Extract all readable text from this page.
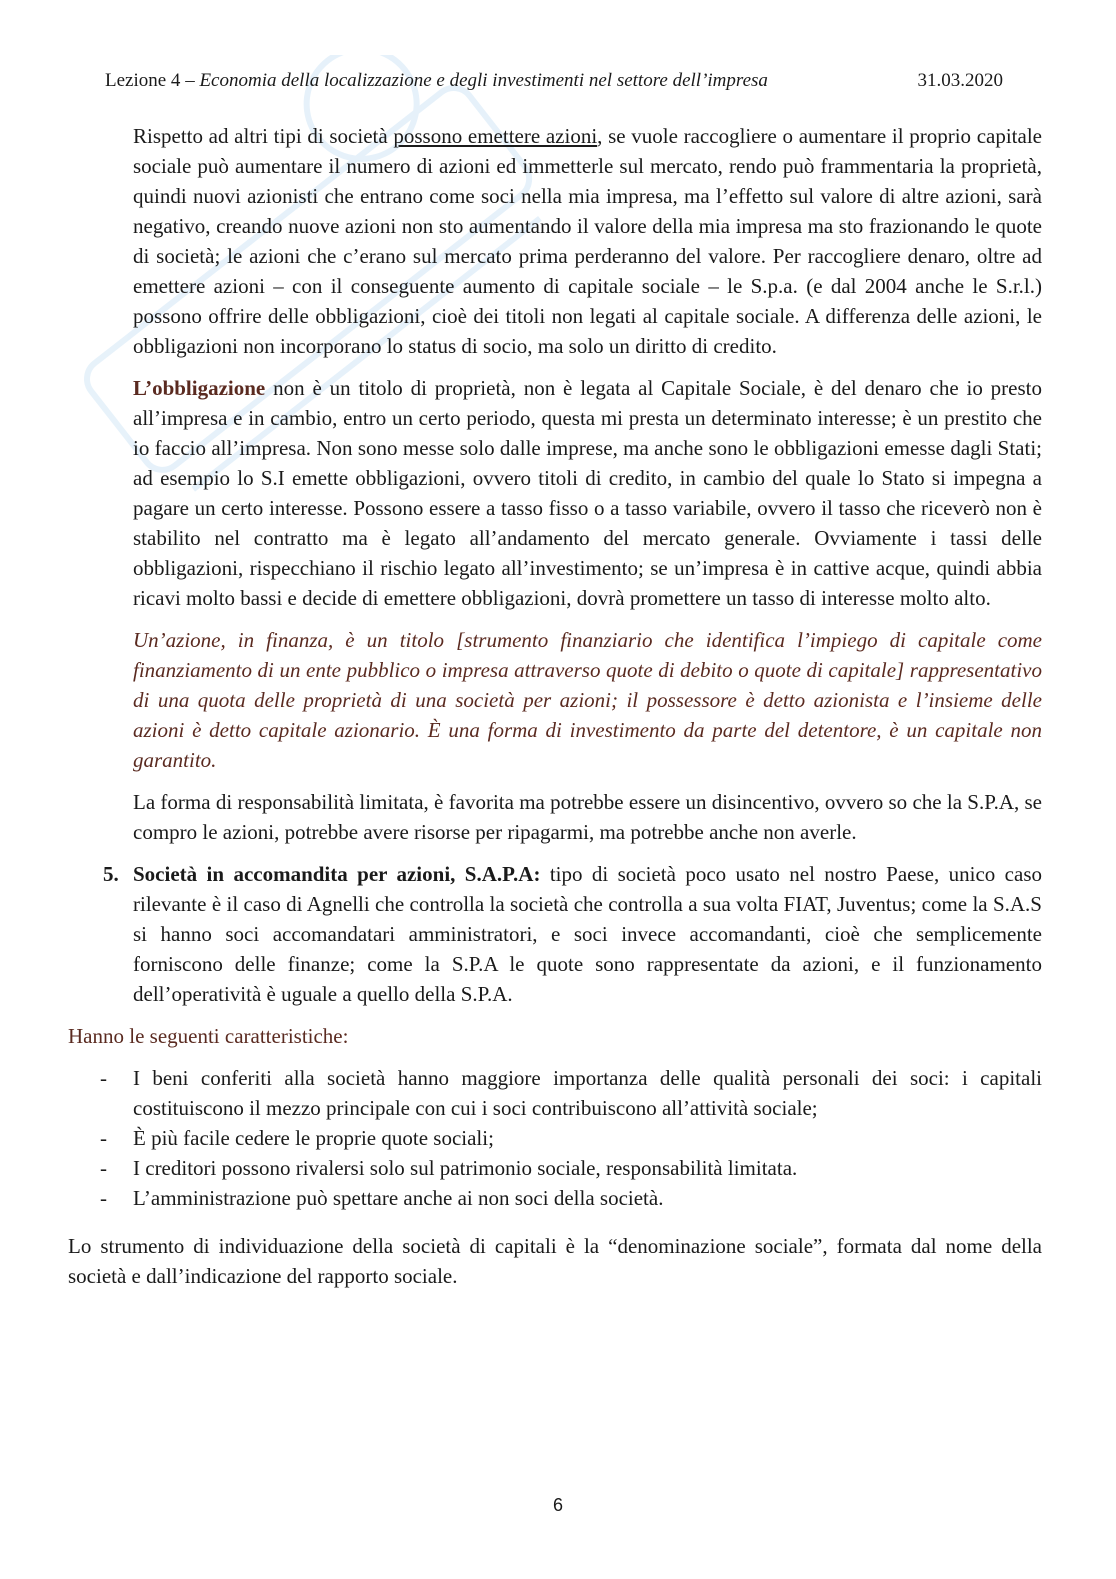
Lezione 4 – Economia della localizzazione e degli investimenti nel settore dell’impresa	31.03.2020

Rispetto ad altri tipi di società possono emettere azioni, se vuole raccogliere o aumentare il proprio capitale sociale può aumentare il numero di azioni ed immetterle sul mercato, rendo può frammentaria la proprietà, quindi nuovi azionisti che entrano come soci nella mia impresa, ma l’effetto sul valore di altre azioni, sarà negativo, creando nuove azioni non sto aumentando il valore della mia impresa ma sto frazionando le quote di società; le azioni che c’erano sul mercato prima perderanno del valore. Per raccogliere denaro, oltre ad emettere azioni – con il conseguente aumento di capitale sociale – le S.p.a. (e dal 2004 anche le S.r.l.) possono offrire delle obbligazioni, cioè dei titoli non legati al capitale sociale. A differenza delle azioni, le obbligazioni non incorporano lo status di socio, ma solo un diritto di credito.

L’obbligazione non è un titolo di proprietà, non è legata al Capitale Sociale, è del denaro che io presto all’impresa e in cambio, entro un certo periodo, questa mi presta un determinato interesse; è un prestito che io faccio all’impresa. Non sono messe solo dalle imprese, ma anche sono le obbligazioni emesse dagli Stati; ad esempio lo S.I emette obbligazioni, ovvero titoli di credito, in cambio del quale lo Stato si impegna a pagare un certo interesse. Possono essere a tasso fisso o a tasso variabile, ovvero il tasso che riceverò non è stabilito nel contratto ma è legato all’andamento del mercato generale. Ovviamente i tassi delle obbligazioni, rispecchiano il rischio legato all’investimento; se un’impresa è in cattive acque, quindi abbia ricavi molto bassi e decide di emettere obbligazioni, dovrà promettere un tasso di interesse molto alto.

Un’azione, in finanza, è un titolo [strumento finanziario che identifica l’impiego di capitale come finanziamento di un ente pubblico o impresa attraverso quote di debito o quote di capitale] rappresentativo di una quota delle proprietà di una società per azioni; il possessore è detto azionista e l’insieme delle azioni è detto capitale azionario. È una forma di investimento da parte del detentore, è un capitale non garantito.

La forma di responsabilità limitata, è favorita ma potrebbe essere un disincentivo, ovvero so che la S.P.A, se compro le azioni, potrebbe avere risorse per ripagarmi, ma potrebbe anche non averle.

5. Società in accomandita per azioni, S.A.P.A: tipo di società poco usato nel nostro Paese, unico caso rilevante è il caso di Agnelli che controlla la società che controlla a sua volta FIAT, Juventus; come la S.A.S si hanno soci accomandatari amministratori, e soci invece accomandanti, cioè che semplicemente forniscono delle finanze; come la S.P.A le quote sono rappresentate da azioni, e il funzionamento dell’operatività è uguale a quello della S.P.A.

Hanno le seguenti caratteristiche:

- I beni conferiti alla società hanno maggiore importanza delle qualità personali dei soci: i capitali costituiscono il mezzo principale con cui i soci contribuiscono all’attività sociale;
- È più facile cedere le proprie quote sociali;
- I creditori possono rivalersi solo sul patrimonio sociale, responsabilità limitata.
- L’amministrazione può spettare anche ai non soci della società.

Lo strumento di individuazione della società di capitali è la “denominazione sociale”, formata dal nome della società e dall’indicazione del rapporto sociale.

6
